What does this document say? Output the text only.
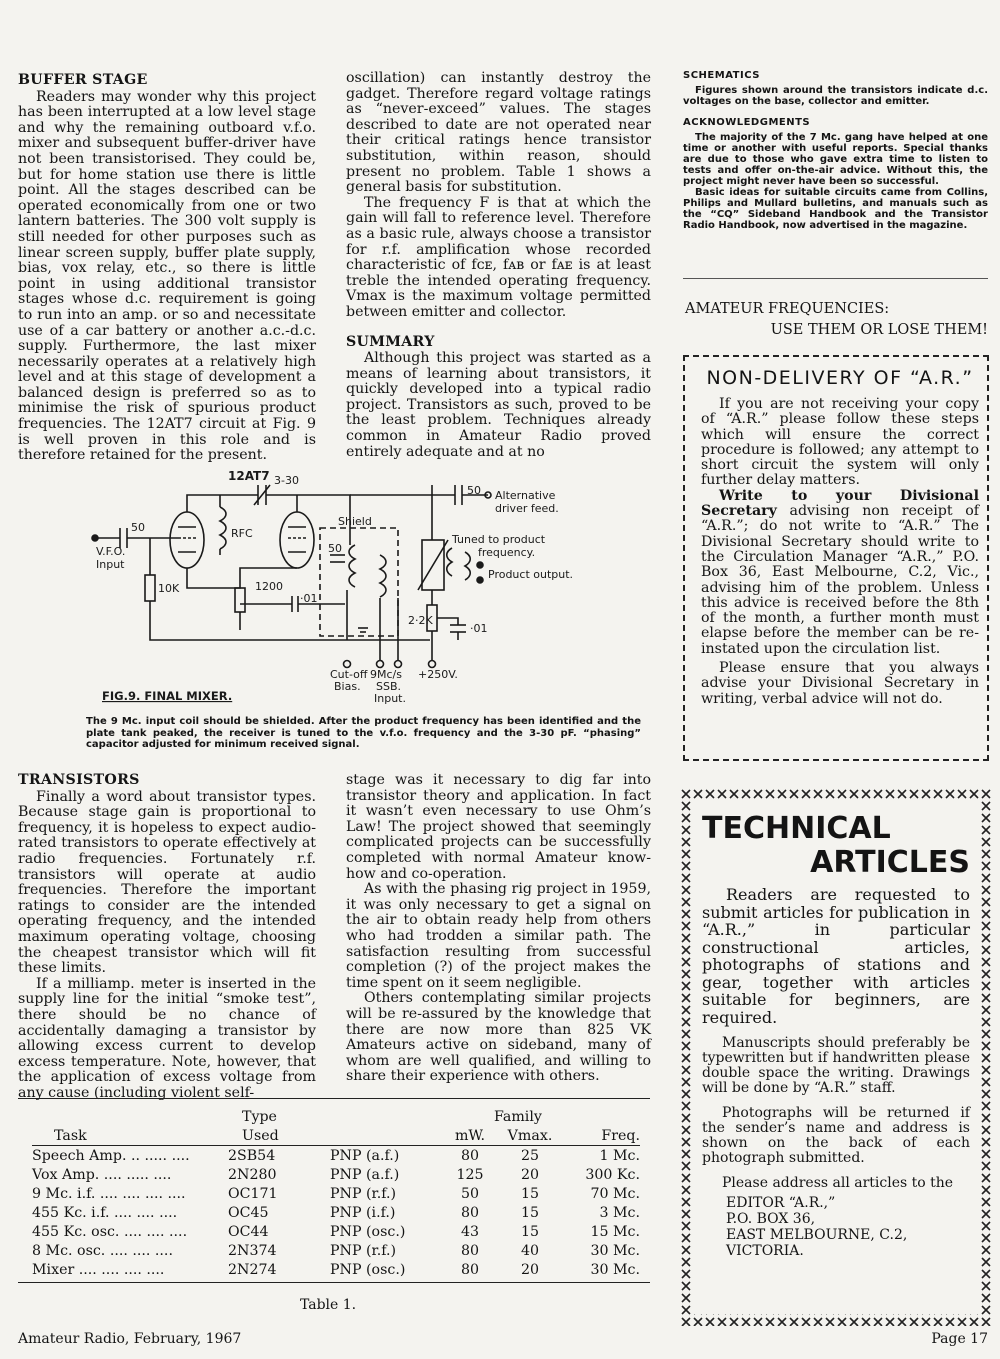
BUFFER STAGE

Readers may wonder why this project has been interrupted at a low level stage and why the remaining outboard v.f.o. mixer and subsequent buffer-driver have not been transistorised. They could be, but for home station use there is little point. All the stages described can be operated economically from one or two lantern batteries. The 300 volt supply is still needed for other purposes such as linear screen supply, buffer plate supply, bias, vox relay, etc., so there is little point in using additional transistor stages whose d.c. requirement is going to run into an amp. or so and necessitate use of a car battery or another a.c.-d.c. supply. Furthermore, the last mixer necessarily operates at a relatively high level and at this stage of development a balanced design is preferred so as to minimise the risk of spurious product frequencies. The 12AT7 circuit at Fig. 9 is well proven in this role and is therefore retained for the present.

oscillation) can instantly destroy the gadget. Therefore regard voltage ratings as “never-exceed” values. The stages described to date are not operated near their critical ratings hence transistor substitution, within reason, should present no problem. Table 1 shows a general basis for substitution.

The frequency F is that at which the gain will fall to reference level. Therefore as a basic rule, always choose a transistor for r.f. amplification whose recorded characteristic of fᴄᴇ, fᴀʙ or fᴀᴇ is at least treble the intended operating frequency. Vmax is the maximum voltage permitted between emitter and collector.

SUMMARY

Although this project was started as a means of learning about transistors, it quickly developed into a typical radio project. Transistors as such, proved to be the least problem. Techniques already common in Amateur Radio proved entirely adequate and at no

SCHEMATICS

Figures shown around the transistors indicate d.c. voltages on the base, collector and emitter.

ACKNOWLEDGMENTS

The majority of the 7 Mc. gang have helped at one time or another with useful reports. Special thanks are due to those who gave extra time to listen to tests and offer on-the-air advice. Without this, the project might never have been so successful.

Basic ideas for suitable circuits came from Collins, Philips and Mullard bulletins, and manuals such as the “CQ” Sideband Handbook and the Transistor Radio Handbook, now advertised in the magazine.

AMATEUR FREQUENCIES:
USE THEM OR LOSE THEM!
NON-DELIVERY OF “A.R.”

If you are not receiving your copy of “A.R.” please follow these steps which will ensure the correct procedure is followed; any attempt to short circuit the system will only further delay matters.

Write to your Divisional Secretary advising non receipt of “A.R.”; do not write to “A.R.” The Divisional Secretary should write to the Circulation Manager “A.R.,” P.O. Box 36, East Melbourne, C.2, Vic., advising him of the problem. Unless this advice is received before the 8th of the month, a further month must elapse before the member can be re-instated upon the circulation list.

Please ensure that you always advise your Divisional Secretary in writing, verbal advice will not do.

TECHNICAL
ARTICLES
Readers are requested to submit articles for publication in “A.R.,” in particular constructional articles, photographs of stations and gear, together with articles suitable for beginners, are required.
Manuscripts should preferably be typewritten but if handwritten please double space the writing. Drawings will be done by “A.R.” staff.
Photographs will be returned if the sender’s name and address is shown on the back of each photograph submitted.
Please address all articles to the
EDITOR “A.R.,”
P.O. BOX 36,
EAST MELBOURNE, C.2,
VICTORIA.
12AT7 3-30
50 Alternative
driver feed.
50
V.F.O.
Input
RFC
Shield
50
10K	1200
·01
Tuned to product
frequency.
Product output.
2·2K
·01
Cut-off
Bias.
9Mc/s
SSB.
Input.
+250V.
FIG.9. FINAL MIXER.
The 9 Mc. input coil should be shielded. After the product frequency has been identified and the plate tank peaked, the receiver is tuned to the v.f.o. frequency and the 3-30 pF. “phasing” capacitor adjusted for minimum received signal.
TRANSISTORS

Finally a word about transistor types. Because stage gain is proportional to frequency, it is hopeless to expect audio-rated transistors to operate effectively at radio frequencies. Fortunately r.f. transistors will operate at audio frequencies. Therefore the important ratings to consider are the intended operating frequency, and the intended maximum operating voltage, choosing the cheapest transistor which will fit these limits.

If a milliamp. meter is inserted in the supply line for the initial “smoke test”, there should be no chance of accidentally damaging a transistor by allowing excess current to develop excess temperature. Note, however, that the application of excess voltage from any cause (including violent self-

stage was it necessary to dig far into transistor theory and application. In fact it wasn’t even necessary to use Ohm’s Law! The project showed that seemingly complicated projects can be successfully completed with normal Amateur know-how and co-operation.

As with the phasing rig project in 1959, it was only necessary to get a signal on the air to obtain ready help from others who had trodden a similar path. The satisfaction resulting from successful completion (?) of the project makes the time spent on it seem negligible.

Others contemplating similar projects will be re-assured by the knowledge that there are now more than 825 VK Amateurs active on sideband, many of whom are well qualified, and willing to share their experience with others.

	Type		Family		
Task	Used		mW.	Vmax.	Freq.
Speech Amp. .. ..... ....	2SB54	PNP (a.f.)	80	25	1 Mc.
Vox Amp. .... ..... ....	2N280	PNP (a.f.)	125	20	300 Kc.
9 Mc. i.f. .... .... .... ....	OC171	PNP (r.f.)	50	15	70 Mc.
455 Kc. i.f. .... .... ....	OC45	PNP (i.f.)	80	15	3 Mc.
455 Kc. osc. .... .... ....	OC44	PNP (osc.)	43	15	15 Mc.
8 Mc. osc. .... .... ....	2N374	PNP (r.f.)	80	40	30 Mc.
Mixer .... .... .... ....	2N274	PNP (osc.)	80	20	30 Mc.
Table 1.
Amateur Radio, February, 1967	Page 17
